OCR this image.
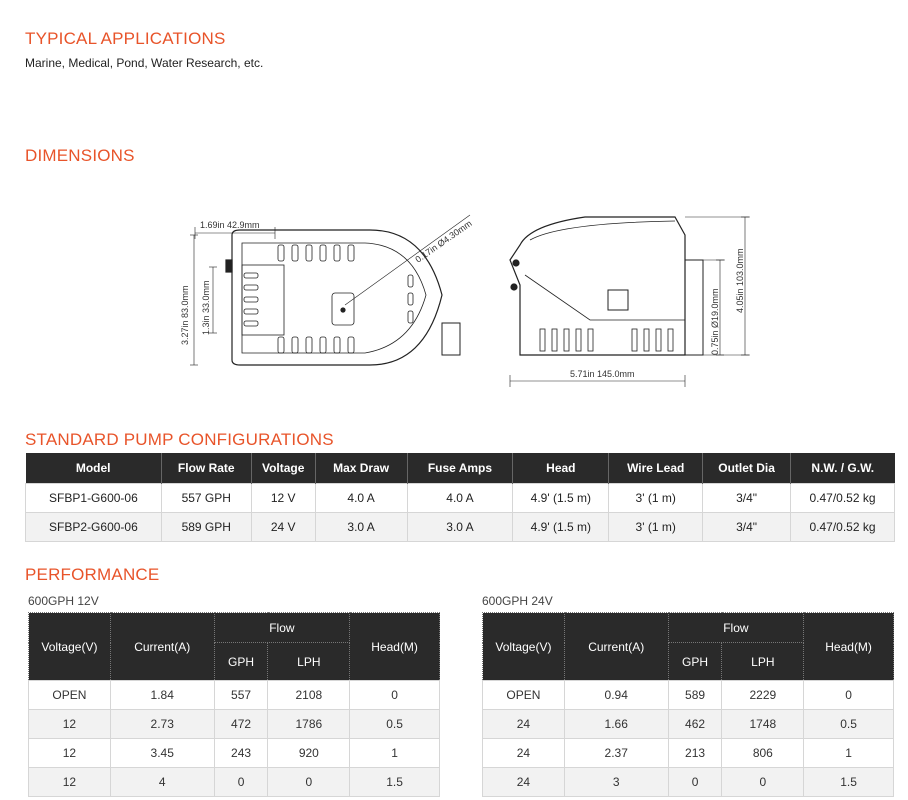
TYPICAL APPLICATIONS
Marine, Medical, Pond, Water Research, etc.
DIMENSIONS
1.69in 42.9mm
3.27in 83.0mm 1.3in 33.0mm
0.17in Ø4.30mm
5.71in 145.0mm
4.05in 103.0mm
0.75in Ø19.0mm
STANDARD PUMP CONFIGURATIONS
Model	Flow Rate	Voltage	Max Draw	Fuse Amps	Head	Wire Lead	Outlet Dia	N.W. / G.W.
SFBP1-G600-06	557 GPH	12 V	4.0 A	4.0 A	4.9' (1.5 m)	3' (1 m)	3/4"	0.47/0.52 kg
SFBP2-G600-06	589 GPH	24 V	3.0 A	3.0 A	4.9' (1.5 m)	3' (1 m)	3/4"	0.47/0.52 kg
PERFORMANCE
600GPH 12V
Voltage(V)	Current(A)	Flow		Head(M)
		GPH	LPH	
OPEN	1.84	557	2108	0
12	2.73	472	1786	0.5
12	3.45	243	920	1
12	4	0	0	1.5
600GPH 24V
Voltage(V)	Current(A)	Flow		Head(M)
		GPH	LPH	
OPEN	0.94	589	2229	0
24	1.66	462	1748	0.5
24	2.37	213	806	1
24	3	0	0	1.5
